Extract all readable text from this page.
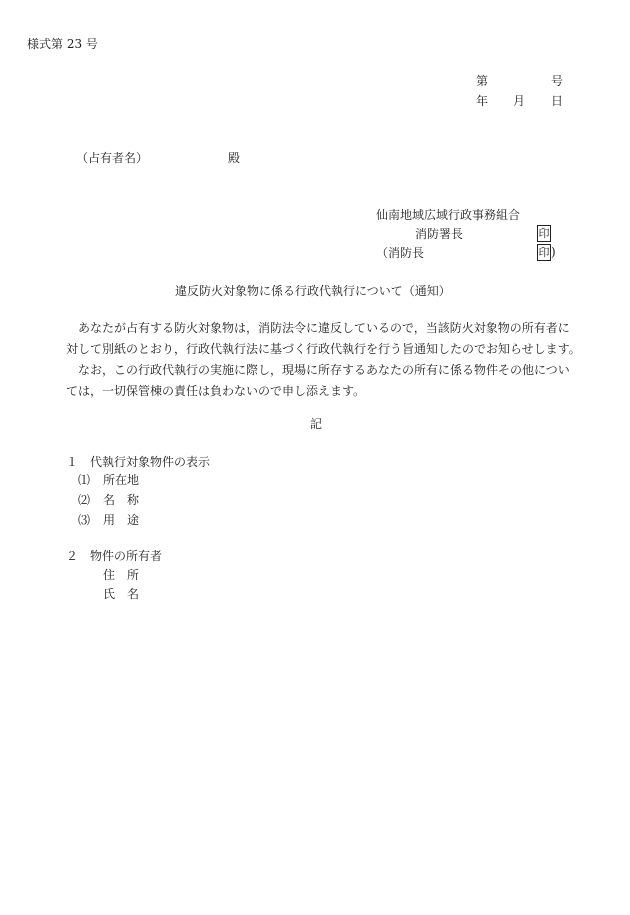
様式第 23 号
第	号
年 月 日
（占有者名）	殿
仙南地域広域行政事務組合
消防署長	印
（消防長	印 )
違反防火対象物に係る行政代執行について（通知）
あなたが占有する防火対象物は，消防法令に違反しているので，当該防火対象物の所有者に
対して別紙のとおり，行政代執行法に基づく行政代執行を行う旨通知したのでお知らせします。
なお，この行政代執行の実施に際し，現場に所存するあなたの所有に係る物件その他につい
ては，一切保管棟の責任は負わないので申し添えます。
記
１　代執行対象物件の表示
⑴ 所在地
⑵ 名　称
⑶ 用　途
２　物件の所有者
住　所
氏　名
